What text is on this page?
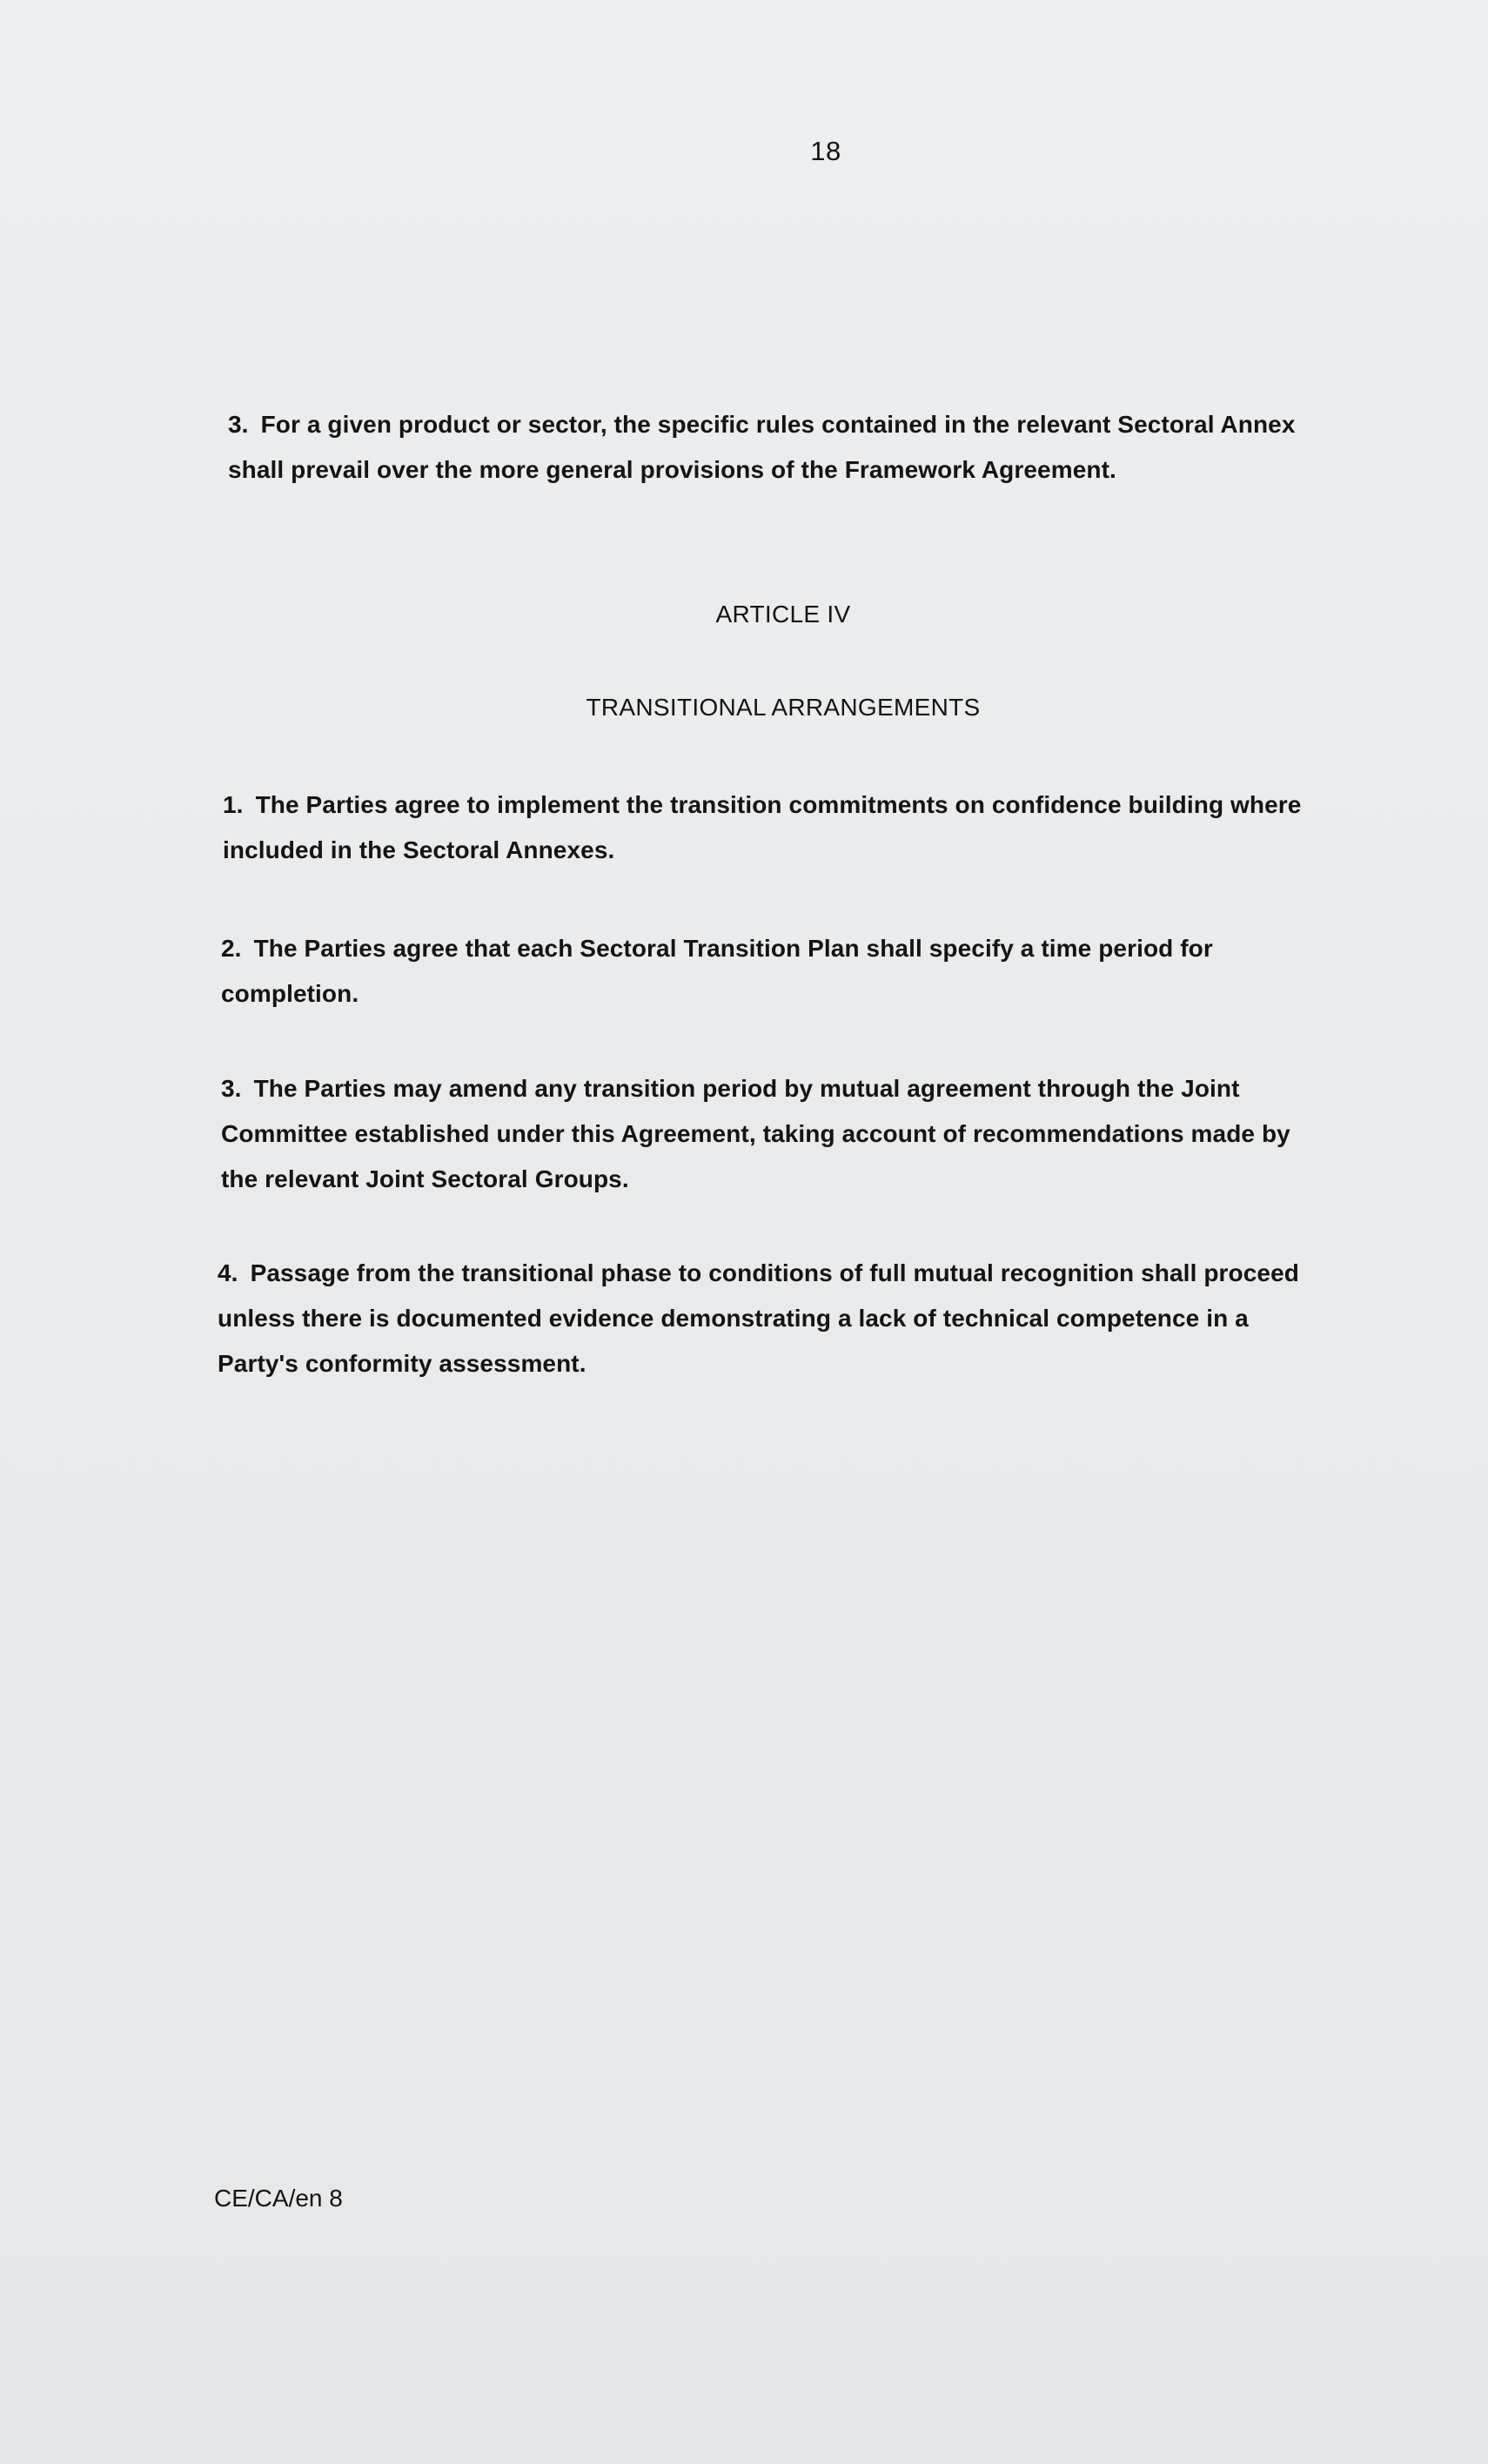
18

3. For a given product or sector, the specific rules contained in the relevant Sectoral Annex shall prevail over the more general provisions of the Framework Agreement.

ARTICLE IV
TRANSITIONAL ARRANGEMENTS

1. The Parties agree to implement the transition commitments on confidence building where included in the Sectoral Annexes.

2. The Parties agree that each Sectoral Transition Plan shall specify a time period for completion.

3. The Parties may amend any transition period by mutual agreement through the Joint Committee established under this Agreement, taking account of recommendations made by the relevant Joint Sectoral Groups.

4. Passage from the transitional phase to conditions of full mutual recognition shall proceed unless there is documented evidence demonstrating a lack of technical competence in a Party's conformity assessment.

CE/CA/en 8
